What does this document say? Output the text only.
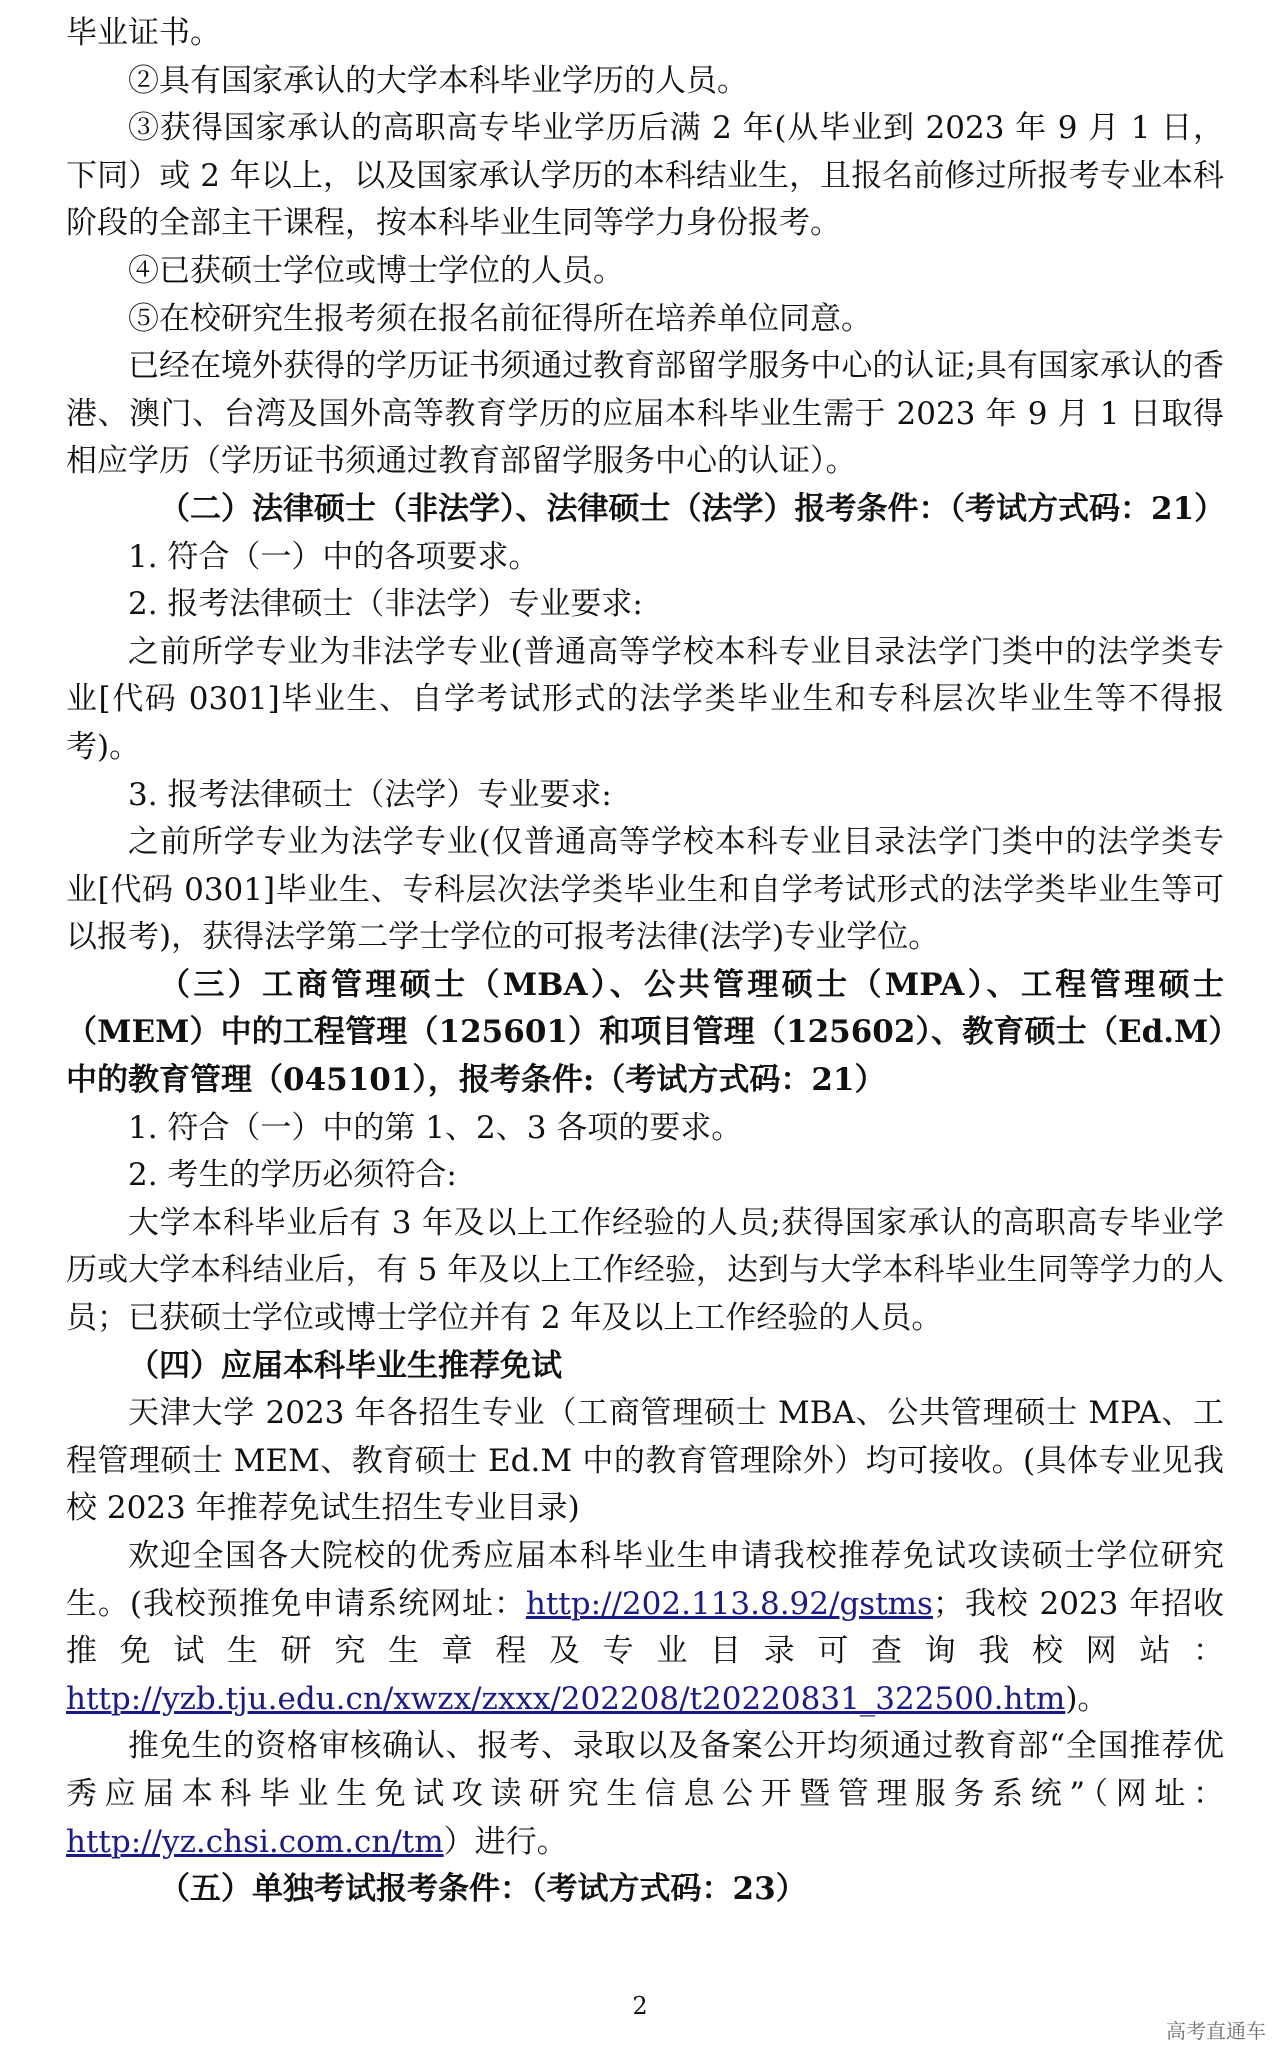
毕业证书。

②具有国家承认的大学本科毕业学历的人员。

③获得国家承认的高职高专毕业学历后满 2 年(从毕业到 2023 年 9 月 1 日，下同）或 2 年以上，以及国家承认学历的本科结业生，且报名前修过所报考专业本科阶段的全部主干课程，按本科毕业生同等学力身份报考。

④已获硕士学位或博士学位的人员。

⑤在校研究生报考须在报名前征得所在培养单位同意。

已经在境外获得的学历证书须通过教育部留学服务中心的认证;具有国家承认的香港、澳门、台湾及国外高等教育学历的应届本科毕业生需于 2023 年 9 月 1 日取得相应学历（学历证书须通过教育部留学服务中心的认证）。

（二）法律硕士（非法学）、法律硕士（法学）报考条件：（考试方式码：21）

1. 符合（一）中的各项要求。

2. 报考法律硕士（非法学）专业要求:

之前所学专业为非法学专业(普通高等学校本科专业目录法学门类中的法学类专业[代码 0301]毕业生、自学考试形式的法学类毕业生和专科层次毕业生等不得报考)。

3. 报考法律硕士（法学）专业要求:

之前所学专业为法学专业(仅普通高等学校本科专业目录法学门类中的法学类专业[代码 0301]毕业生、专科层次法学类毕业生和自学考试形式的法学类毕业生等可以报考)，获得法学第二学士学位的可报考法律(法学)专业学位。

（三）工商管理硕士（MBA）、公共管理硕士（MPA）、工程管理硕士（MEM）中的工程管理（125601）和项目管理（125602）、教育硕士（Ed.M）中的教育管理（045101），报考条件:（考试方式码：21）

1. 符合（一）中的第 1、2、3 各项的要求。

2. 考生的学历必须符合:

大学本科毕业后有 3 年及以上工作经验的人员;获得国家承认的高职高专毕业学历或大学本科结业后，有 5 年及以上工作经验，达到与大学本科毕业生同等学力的人员；已获硕士学位或博士学位并有 2 年及以上工作经验的人员。

（四）应届本科毕业生推荐免试

天津大学 2023 年各招生专业（工商管理硕士 MBA、公共管理硕士 MPA、工程管理硕士 MEM、教育硕士 Ed.M 中的教育管理除外）均可接收。(具体专业见我校 2023 年推荐免试生招生专业目录)

欢迎全国各大院校的优秀应届本科毕业生申请我校推荐免试攻读硕士学位研究生。(我校预推免申请系统网址：http://202.113.8.92/gstms；我校 2023 年招收推免试生研究生章程及专业目录可查询我校网站：http://yzb.tju.edu.cn/xwzx/zxxx/202208/t20220831_322500.htm)。

推免生的资格审核确认、报考、录取以及备案公开均须通过教育部“全国推荐优秀应届本科毕业生免试攻读研究生信息公开暨管理服务系统”（网址：http://yz.chsi.com.cn/tm）进行。

（五）单独考试报考条件：（考试方式码：23）

2
高考直通车
